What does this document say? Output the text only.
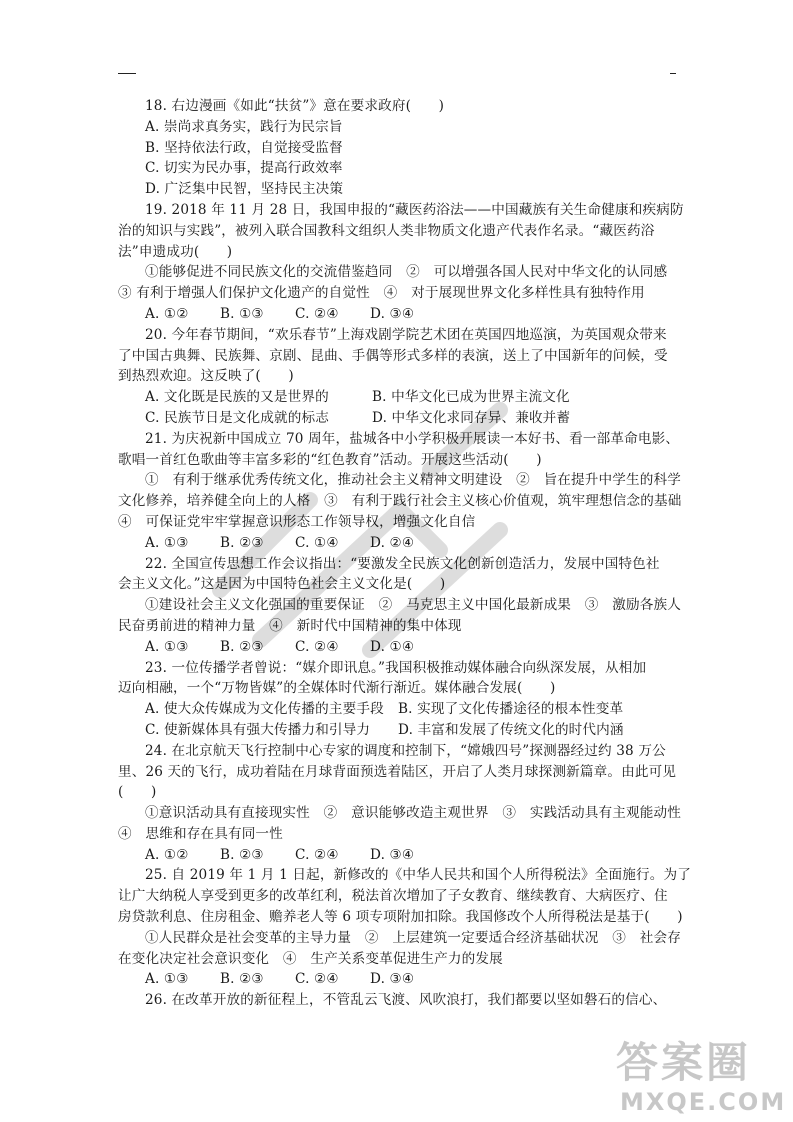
18. 右边漫画《如此“扶贫”》意在要求政府(　　)
A. 崇尚求真务实，践行为民宗旨
B. 坚持依法行政，自觉接受监督
C. 切实为民办事，提高行政效率
D. 广泛集中民智，坚持民主决策
19. 2018 年 11 月 28 日，我国申报的“藏医药浴法——中国藏族有关生命健康和疾病防
治的知识与实践”，被列入联合国教科文组织人类非物质文化遗产代表作名录。“藏医药浴
法”申遗成功(　　)
①能够促进不同民族文化的交流借鉴趋同　②　可以增强各国人民对中华文化的认同感
③ 有利于增强人们保护文化遗产的自觉性　④　对于展现世界文化多样性具有独特作用
A. ①② B. ①③ C. ②④ D. ③④
20. 今年春节期间，“欢乐春节”上海戏剧学院艺术团在英国四地巡演，为英国观众带来
了中国古典舞、民族舞、京剧、昆曲、手偶等形式多样的表演，送上了中国新年的问候，受
到热烈欢迎。这反映了(　　)
A. 文化既是民族的又是世界的	B. 中华文化已成为世界主流文化
C. 民族节日是文化成就的标志	D. 中华文化求同存异、兼收并蓄
21. 为庆祝新中国成立 70 周年，盐城各中小学积极开展读一本好书、看一部革命电影、
歌唱一首红色歌曲等丰富多彩的“红色教育”活动。开展这些活动(　　)
①　有利于继承优秀传统文化，推动社会主义精神文明建设　②　旨在提升中学生的科学
文化修养，培养健全向上的人格　③　有利于践行社会主义核心价值观，筑牢理想信念的基础
④　可保证党牢牢掌握意识形态工作领导权，增强文化自信
A. ①③ B. ②③ C. ①④ D. ②④
22. 全国宣传思想工作会议指出：“要激发全民族文化创新创造活力，发展中国特色社
会主义文化。”这是因为中国特色社会主义文化是(　　)
①建设社会主义文化强国的重要保证　②　马克思主义中国化最新成果　③　激励各族人
民奋勇前进的精神力量　④　新时代中国精神的集中体现
A. ①③ B. ②③ C. ②④ D. ①④
23. 一位传播学者曾说：“媒介即讯息。”我国积极推动媒体融合向纵深发展，从相加
迈向相融，一个“万物皆媒”的全媒体时代渐行渐近。媒体融合发展(　　)
A. 使大众传媒成为文化传播的主要手段 B. 实现了文化传播途径的根本性变革
C. 使新媒体具有强大传播力和引导力 D. 丰富和发展了传统文化的时代内涵
24. 在北京航天飞行控制中心专家的调度和控制下，“嫦娥四号”探测器经过约 38 万公
里、26 天的飞行，成功着陆在月球背面预选着陆区，开启了人类月球探测新篇章。由此可见
(　　)
①意识活动具有直接现实性　②　意识能够改造主观世界　③　实践活动具有主观能动性
④　思维和存在具有同一性
A. ①② B. ②③ C. ②④ D. ③④
25. 自 2019 年 1 月 1 日起，新修改的《中华人民共和国个人所得税法》全面施行。为了
让广大纳税人享受到更多的改革红利，税法首次增加了子女教育、继续教育、大病医疗、住
房贷款利息、住房租金、赡养老人等 6 项专项附加扣除。我国修改个人所得税法是基于(　　)
①人民群众是社会变革的主导力量　②　上层建筑一定要适合经济基础状况　③　社会存
在变化决定社会意识变化　④　生产关系变革促进生产力的发展
A. ①③ B. ②③ C. ②④ D. ③④
26. 在改革开放的新征程上，不管乱云飞渡、风吹浪打，我们都要以坚如磐石的信心、
答案圈
MXQE.COM
